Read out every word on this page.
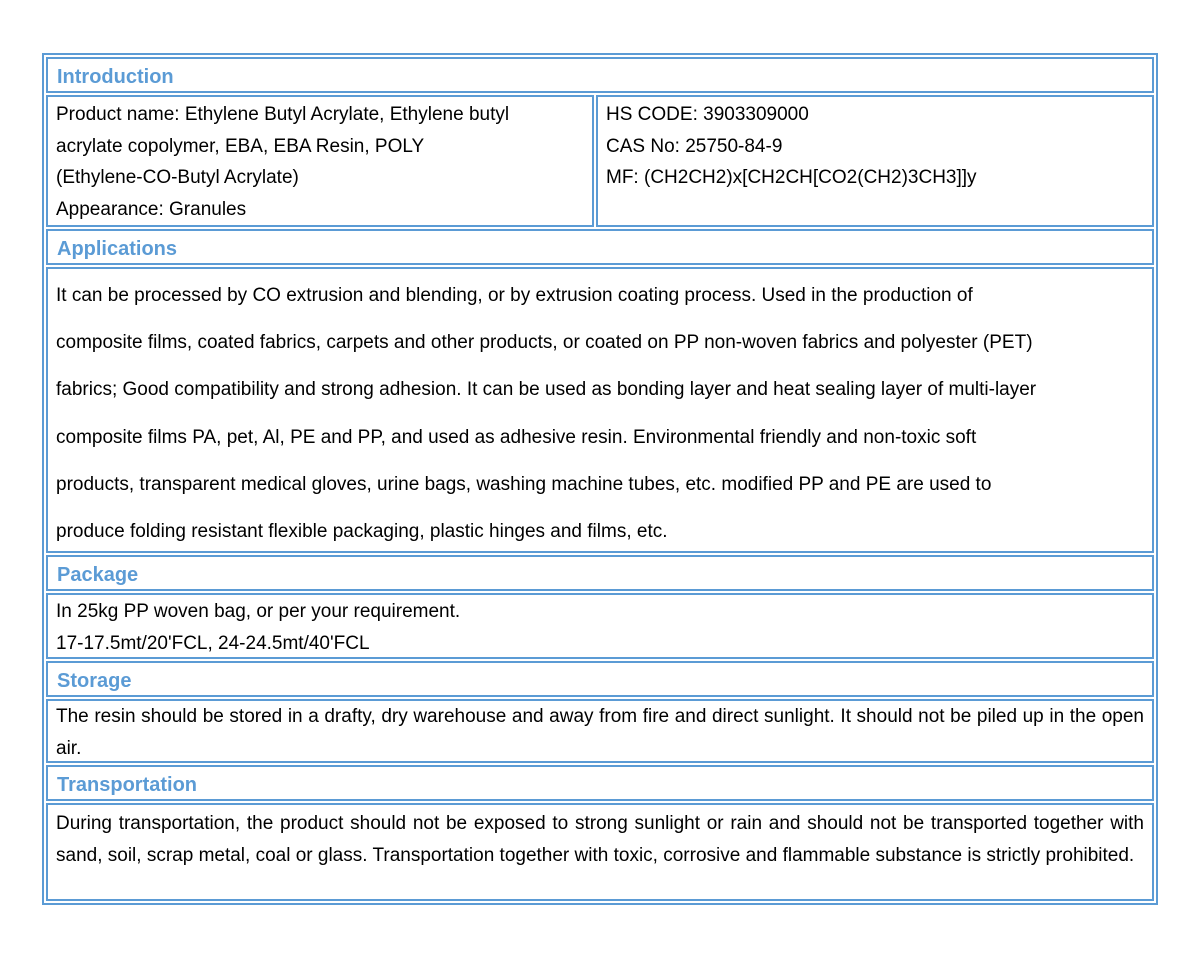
Introduction
Product name: Ethylene Butyl Acrylate, Ethylene butyl
acrylate copolymer, EBA, EBA Resin, POLY
(Ethylene-CO-Butyl Acrylate)
Appearance: Granules
HS CODE: 3903309000
CAS No: 25750-84-9
MF: (CH2CH2)x[CH2CH[CO2(CH2)3CH3]]y
Applications
It can be processed by CO extrusion and blending, or by extrusion coating process. Used in the production of
composite films, coated fabrics, carpets and other products, or coated on PP non-woven fabrics and polyester (PET)
fabrics; Good compatibility and strong adhesion. It can be used as bonding layer and heat sealing layer of multi-layer
composite films PA, pet, Al, PE and PP, and used as adhesive resin. Environmental friendly and non-toxic soft
products, transparent medical gloves, urine bags, washing machine tubes, etc. modified PP and PE are used to
produce folding resistant flexible packaging, plastic hinges and films, etc.
Package
In 25kg PP woven bag, or per your requirement.
17-17.5mt/20'FCL, 24-24.5mt/40'FCL
Storage
The resin should be stored in a drafty, dry warehouse and away from fire and direct sunlight. It should not be piled up in the open air.
Transportation
During transportation, the product should not be exposed to strong sunlight or rain and should not be transported together with sand, soil, scrap metal, coal or glass. Transportation together with toxic, corrosive and flammable substance is strictly prohibited.
